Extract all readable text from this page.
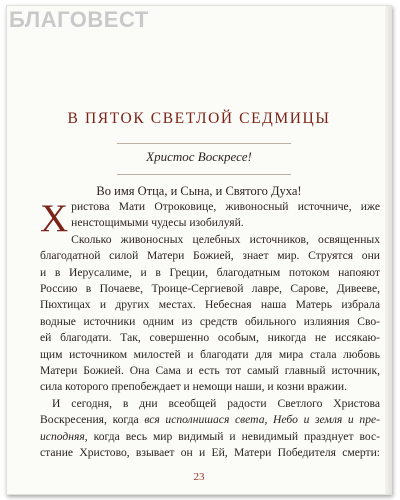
В ПЯТОК СВЕТЛОЙ СЕДМИЦЫ
Христос Воскресе!
Во имя Отца, и Сына, и Святого Духа!
Х ристова Мати Отроковице, живоносный источниче, иже
ненстощимыми чудесы изобилуяй.
Сколько живоносных целебных источников, освященных
благодатной силой Матери Божией, знает мир. Струятся они
и в Иерусалиме, и в Греции, благодатным потоком напояют
Россию в Почаеве, Троице-Сергиевой лавре, Сарове, Дивееве,
Пюхтицах и других местах. Небесная наша Матерь избрала
водные источники одним из средств обильного излияния Сво-
ей благодати. Так, совершенно особым, никогда не иссякаю-
щим источником милостей и благодати для мира стала любовь
Матери Божией. Она Сама и есть тот самый главный источник,
сила которого препобеждает и немощи наши, и козни вражии.
И сегодня, в дни всеобщей радости Светлого Христова
Воскресения, когда вся исполнишася света, Небо и земля и пре-
исподняя, когда весь мир видимый и невидимый празднует вос-
стание Христово, взывает он и Ей, Матери Победителя смерти:
23
БЛАГОВЕСТ
